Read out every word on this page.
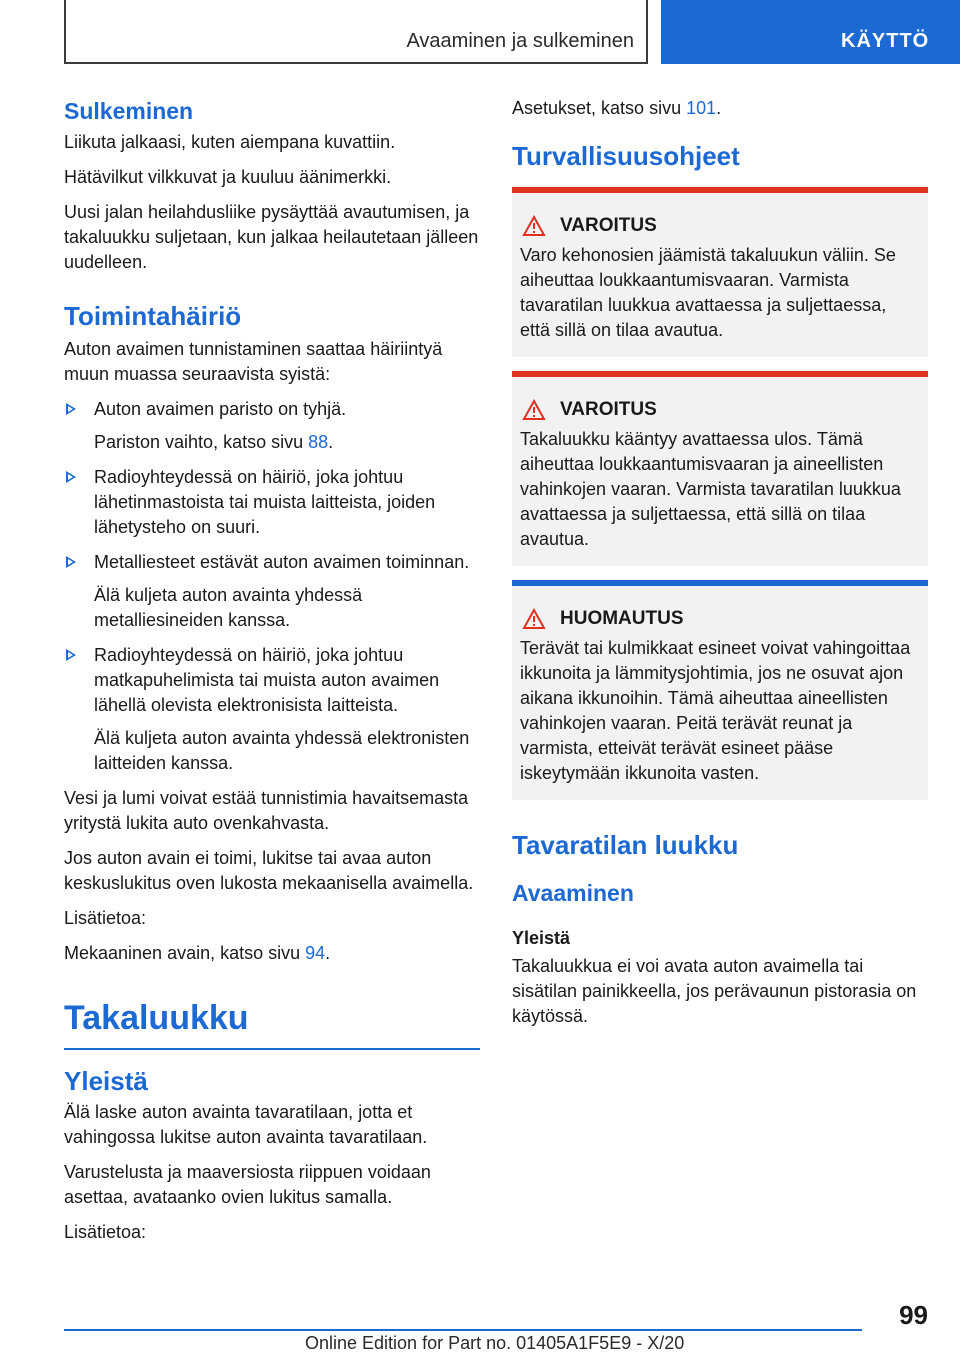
Avaaminen ja sulkeminen	KÄYTTÖ
Sulkeminen

Liikuta jalkaasi, kuten aiempana kuvattiin.

Hätävilkut vilkkuvat ja kuuluu äänimerkki.

Uusi jalan heilahdusliike pysäyttää avautumisen, ja takaluukku suljetaan, kun jalkaa heilautetaan jälleen uudelleen.

Toimintahäiriö

Auton avaimen tunnistaminen saattaa häiriintyä muun muassa seuraavista syistä:

Auton avaimen paristo on tyhjä.

Pariston vaihto, katso sivu 88.

Radioyhteydessä on häiriö, joka johtuu lähetinmastoista tai muista laitteista, joiden lähetysteho on suuri.
Metalliesteet estävät auton avaimen toiminnan.

Älä kuljeta auton avainta yhdessä metalliesineiden kanssa.

Radioyhteydessä on häiriö, joka johtuu matkapuhelimista tai muista auton avaimen lähellä olevista elektronisista laitteista.

Älä kuljeta auton avainta yhdessä elektronisten laitteiden kanssa.

Vesi ja lumi voivat estää tunnistimia havaitsemasta yritystä lukita auto ovenkahvasta.

Jos auton avain ei toimi, lukitse tai avaa auton keskuslukitus oven lukosta mekaanisella avaimella.

Lisätietoa:

Mekaaninen avain, katso sivu 94.

Takaluukku
Yleistä

Älä laske auton avainta tavaratilaan, jotta et vahingossa lukitse auton avainta tavaratilaan.

Varustelusta ja maaversiosta riippuen voidaan asettaa, avataanko ovien lukitus samalla.

Lisätietoa:

Asetukset, katso sivu 101.

Turvallisuusohjeet
VAROITUS

Varo kehonosien jäämistä takaluukun väliin. Se aiheuttaa loukkaantumisvaaran. Varmista tavaratilan luukkua avattaessa ja suljettaessa, että sillä on tilaa avautua.

VAROITUS

Takaluukku kääntyy avattaessa ulos. Tämä aiheuttaa loukkaantumisvaaran ja aineellisten vahinkojen vaaran. Varmista tavaratilan luukkua avattaessa ja suljettaessa, että sillä on tilaa avautua.

HUOMAUTUS

Terävät tai kulmikkaat esineet voivat vahingoittaa ikkunoita ja lämmitysjohtimia, jos ne osuvat ajon aikana ikkunoihin. Tämä aiheuttaa aineellisten vahinkojen vaaran. Peitä terävät reunat ja varmista, etteivät terävät esineet pääse iskeytymään ikkunoita vasten.

Tavaratilan luukku
Avaaminen
Yleistä

Takaluukkua ei voi avata auton avaimella tai sisätilan painikkeella, jos perävaunun pistorasia on käytössä.

99
Online Edition for Part no. 01405A1F5E9 - X/20
